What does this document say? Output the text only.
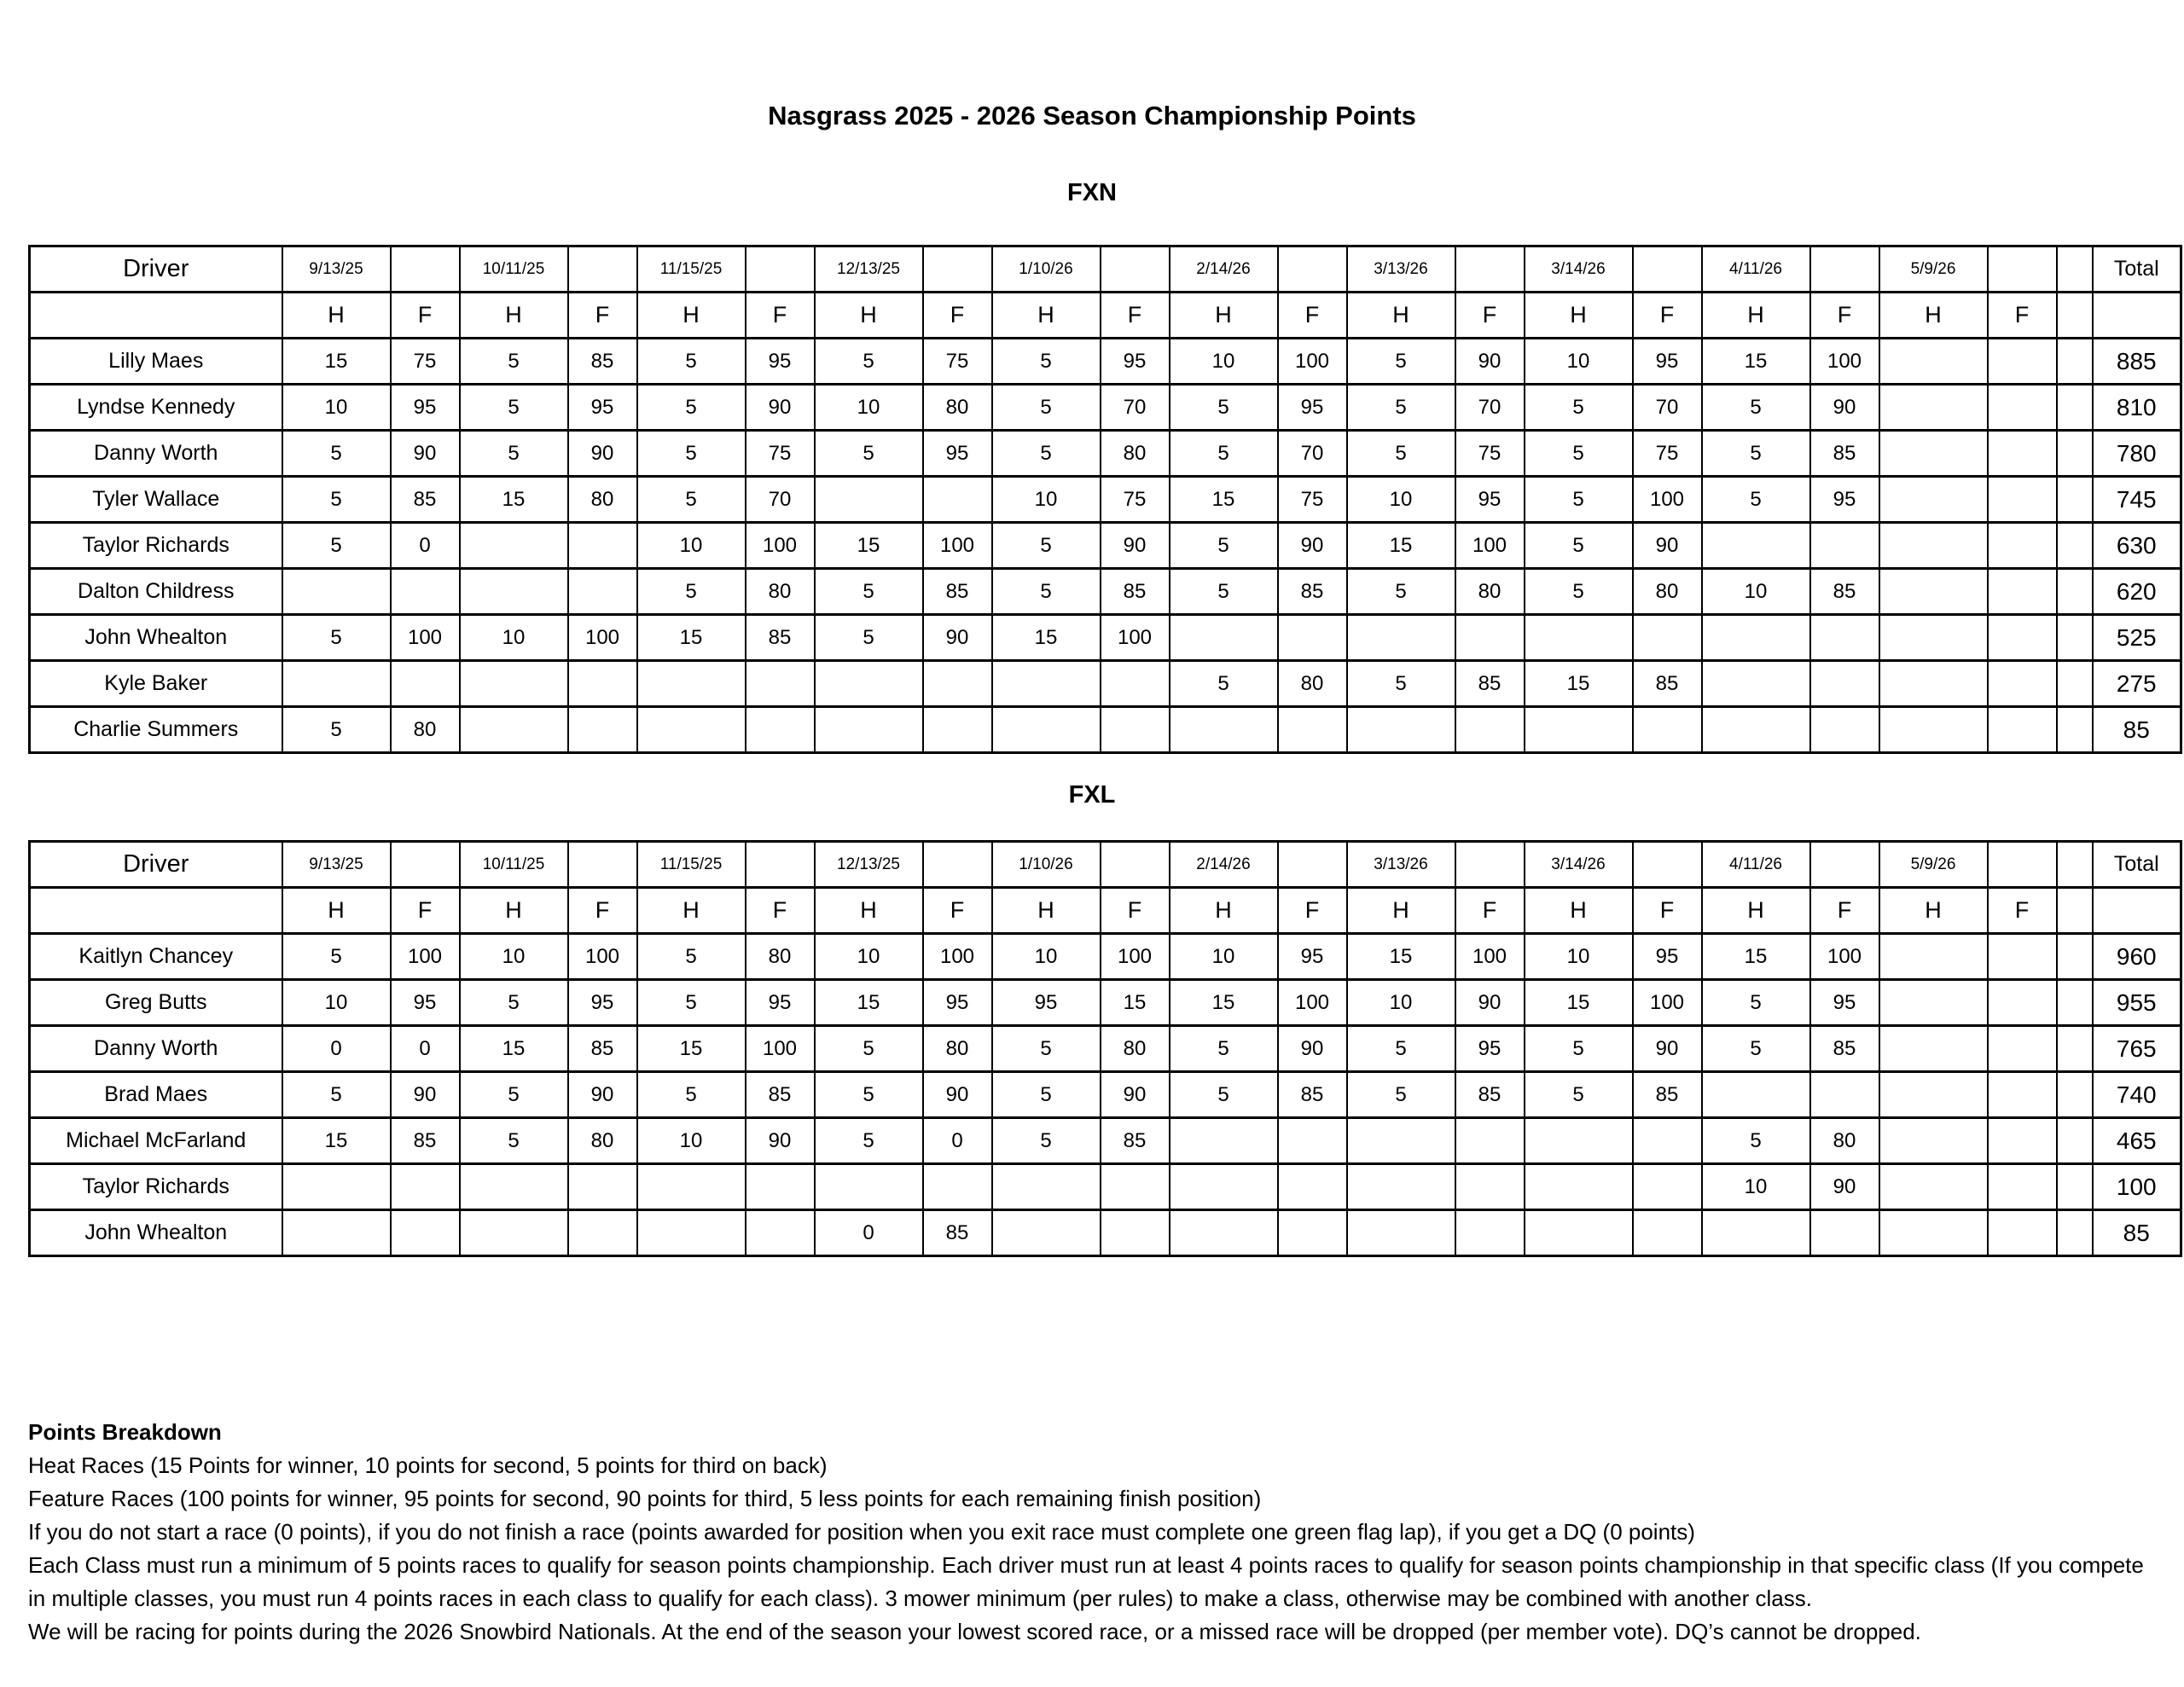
Nasgrass 2025 - 2026 Season Championship Points
FXN
Driver	9/13/25		10/11/25		11/15/25		12/13/25		1/10/26		2/14/26		3/13/26		3/14/26		4/11/26		5/9/26			Total
	H	F	H	F	H	F	H	F	H	F	H	F	H	F	H	F	H	F	H	F		
Lilly Maes	15	75	5	85	5	95	5	75	5	95	10	100	5	90	10	95	15	100				885
Lyndse Kennedy	10	95	5	95	5	90	10	80	5	70	5	95	5	70	5	70	5	90				810
Danny Worth	5	90	5	90	5	75	5	95	5	80	5	70	5	75	5	75	5	85				780
Tyler Wallace	5	85	15	80	5	70			10	75	15	75	10	95	5	100	5	95				745
Taylor Richards	5	0			10	100	15	100	5	90	5	90	15	100	5	90						630
Dalton Childress					5	80	5	85	5	85	5	85	5	80	5	80	10	85				620
John Whealton	5	100	10	100	15	85	5	90	15	100												525
Kyle Baker											5	80	5	85	15	85						275
Charlie Summers	5	80																				85
FXL
Driver	9/13/25		10/11/25		11/15/25		12/13/25		1/10/26		2/14/26		3/13/26		3/14/26		4/11/26		5/9/26			Total
	H	F	H	F	H	F	H	F	H	F	H	F	H	F	H	F	H	F	H	F		
Kaitlyn Chancey	5	100	10	100	5	80	10	100	10	100	10	95	15	100	10	95	15	100				960
Greg Butts	10	95	5	95	5	95	15	95	95	15	15	100	10	90	15	100	5	95				955
Danny Worth	0	0	15	85	15	100	5	80	5	80	5	90	5	95	5	90	5	85				765
Brad Maes	5	90	5	90	5	85	5	90	5	90	5	85	5	85	5	85						740
Michael McFarland	15	85	5	80	10	90	5	0	5	85							5	80				465
Taylor Richards																	10	90				100
John Whealton							0	85														85

Points Breakdown

Heat Races (15 Points for winner, 10 points for second, 5 points for third on back)

Feature Races (100 points for winner, 95 points for second, 90 points for third, 5 less points for each remaining finish position)

If you do not start a race (0 points), if you do not finish a race (points awarded for position when you exit race must complete one green flag lap), if you get a DQ (0 points)

Each Class must run a minimum of 5 points races to qualify for season points championship. Each driver must run at least 4 points races to qualify for season points championship in that specific class (If you compete in multiple classes, you must run 4 points races in each class to qualify for each class). 3 mower minimum (per rules) to make a class, otherwise may be combined with another class.

We will be racing for points during the 2026 Snowbird Nationals. At the end of the season your lowest scored race, or a missed race will be dropped (per member vote). DQ’s cannot be dropped.
